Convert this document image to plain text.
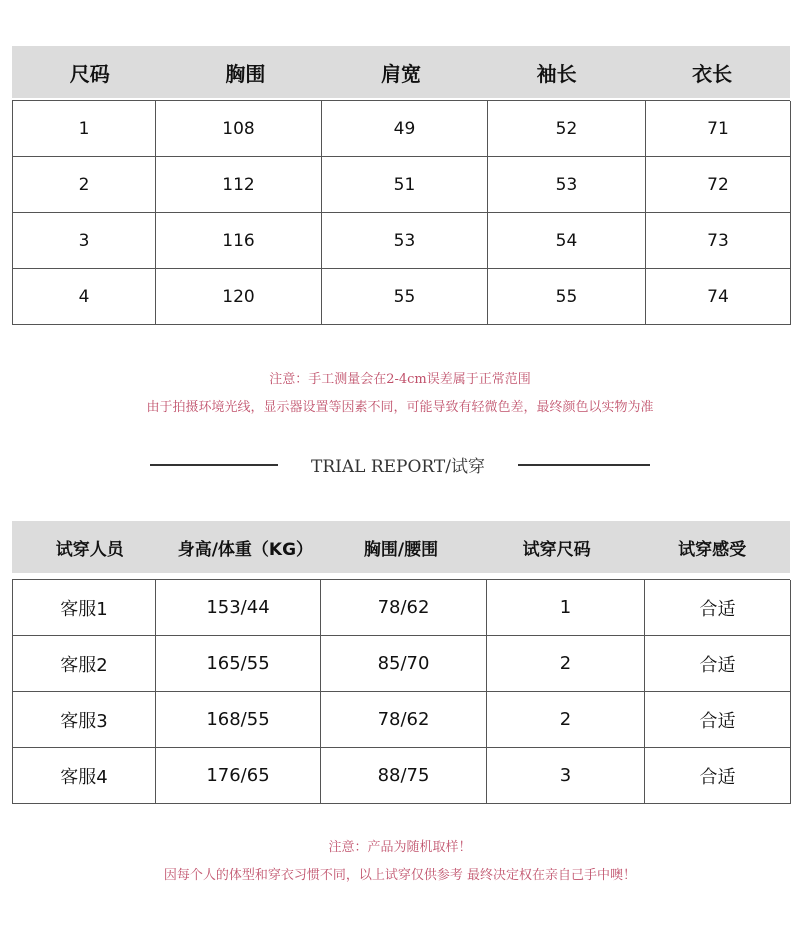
尺码	胸围	肩宽	袖长	衣长
1	108	49	52	71
2	112	51	53	72
3	116	53	54	73
4	120	55	55	74
注意：手工测量会在2-4cm误差属于正常范围
由于拍摄环境光线，显示器设置等因素不同，可能导致有轻微色差，最终颜色以实物为准
TRIAL REPORT/试穿
试穿人员	身高/体重（KG）	胸围/腰围	试穿尺码	试穿感受
客服1	153/44	78/62	1	合适
客服2	165/55	85/70	2	合适
客服3	168/55	78/62	2	合适
客服4	176/65	88/75	3	合适
注意：产品为随机取样！
因每个人的体型和穿衣习惯不同，以上试穿仅供参考 最终决定权在亲自己手中噢！
